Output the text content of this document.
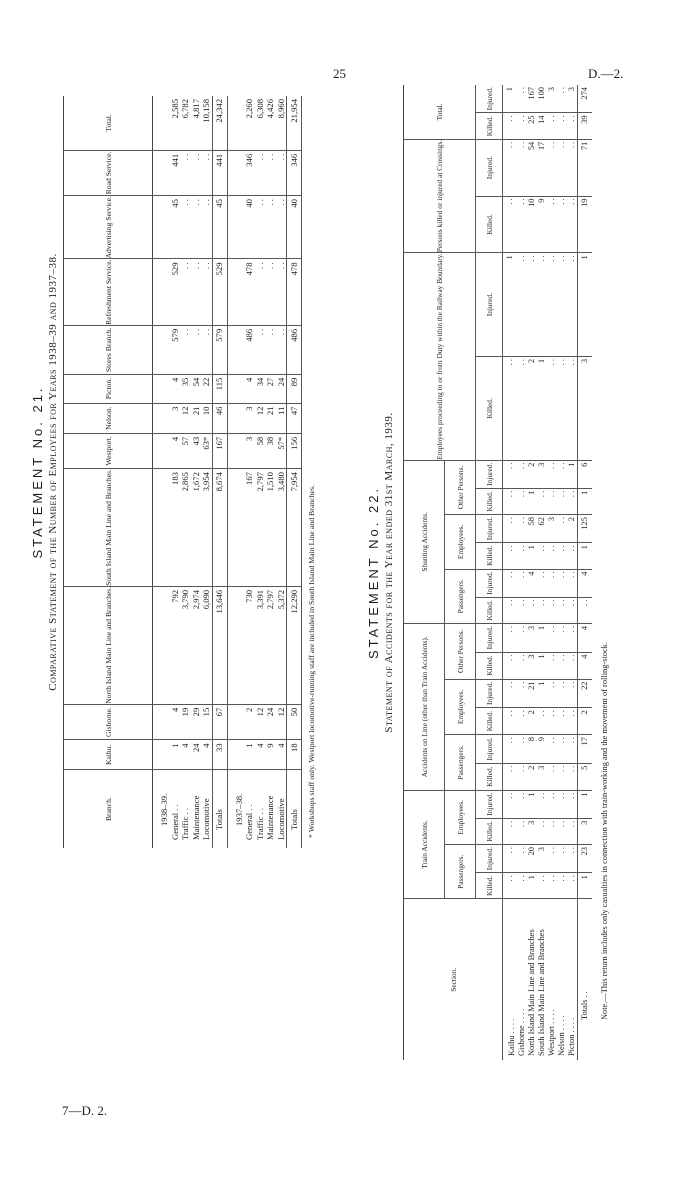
25	D.—2.
7—D. 2.
STATEMENT No. 21. Comparative Statement of the Number of Employees for Years 1938–39 and 1937–38.
Branch.	Kaihu.	Gisborne.	North Island Main Line and Branches.	South Island Main Line and Branches.	Westport.	Nelson.	Picton.	Stores Branch.	Refreshment Service.	Advertising Service.	Road Service.	Total.
1938–39.												
General . .	1	4	792	183	4	3	4	579	529	45	441	2,585
Traffic . .	4	19	3,790	2,865	57	12	35	. .	. .	. .	. .	6,782
Maintenance	24	29	2,974	1,672	43	21	54	. .	. .	. .	. .	4,817
Locomotive	4	15	6,090	3,954	63*	10	22	. .	. .	. .	. .	10,158
Totals	33	67	13,646	8,674	167	46	115	579	529	45	441	24,342
1937–38.												
General . .	1	2	730	167	3	3	4	486	478	40	346	2,260
Traffic . .	4	12	3,391	2,797	58	12	34	. .	. .	. .	. .	6,308
Maintenance	9	24	2,797	1,510	38	21	27	. .	. .	. .	. .	4,426
Locomotive	4	12	5,372	3,480	57*	11	24	. .	. .	. .	. .	8,960
Totals	18	50	12,290	7,954	156	47	89	486	478	40	346	21,954
* Workshops staff only. Westport locomotive-running staff are included in South Island Main Line and Branches.	STATEMENT No. 22. Statement of Accidents for the Year ended 31st March, 1939.
Section.	Train Accidents.				Accidents on Line (other than Train Accidents).						Shunting Accidents.						Employees proceeding to or from Duty within the Railway Boundary.		Persons killed or injured at Crossings.		Total.	
	Passengers.		Employees.		Passengers.		Employees.		Other Persons.		Passengers.		Employees.		Other Persons.							
	Killed.	Injured.	Killed.	Injured.	Killed.	Injured.	Killed.	Injured.	Killed.	Injured.	Killed.	Injured.	Killed.	Injured.	Killed.	Injured.	Killed.	Injured.	Killed.	Injured.	Killed.	Injured.
Kaihu . . . .	. .	. .	. .	. .	. .	. .	. .	. .	. .	. .	. .	. .	. .	. .	. .	. .	. .	1	. .	. .	. .	1
Gisborne . . . .	. .	. .	. .	. .	. .	. .	. .	. .	. .	. .	. .	. .	. .	. .	. .	. .	. .	. .	. .	. .	. .	. .
North Island Main Line and Branches	1	20	3	1	2	8	2	21	3	3	. .	4	1	58	1	2	2	. .	10	54	25	167
South Island Main Line and Branches	. .	3	. .	. .	3	9	. .	1	1	1	. .	. .	. .	62	. .	3	1	. .	9	17	14	100
Westport . . . .	. .	. .	. .	. .	. .	. .	. .	. .	. .	. .	. .	. .	. .	3	. .	. .	. .	. .	. .	. .	. .	3
Nelson . . . .	. .	. .	. .	. .	. .	. .	. .	. .	. .	. .	. .	. .	. .	. .	. .	. .	. .	. .	. .	. .	. .	. .
Picton . . . .	. .	. .	. .	. .	. .	. .	. .	. .	. .	. .	. .	. .	. .	2	. .	1	. .	. .	. .	. .	. .	3
Totals . .	1	23	3	1	5	17	2	22	4	4	. .	4	1	125	1	6	3	1	19	71	39	274
Note.—This return includes only casualties in connection with train-working and the movement of rolling-stock.
